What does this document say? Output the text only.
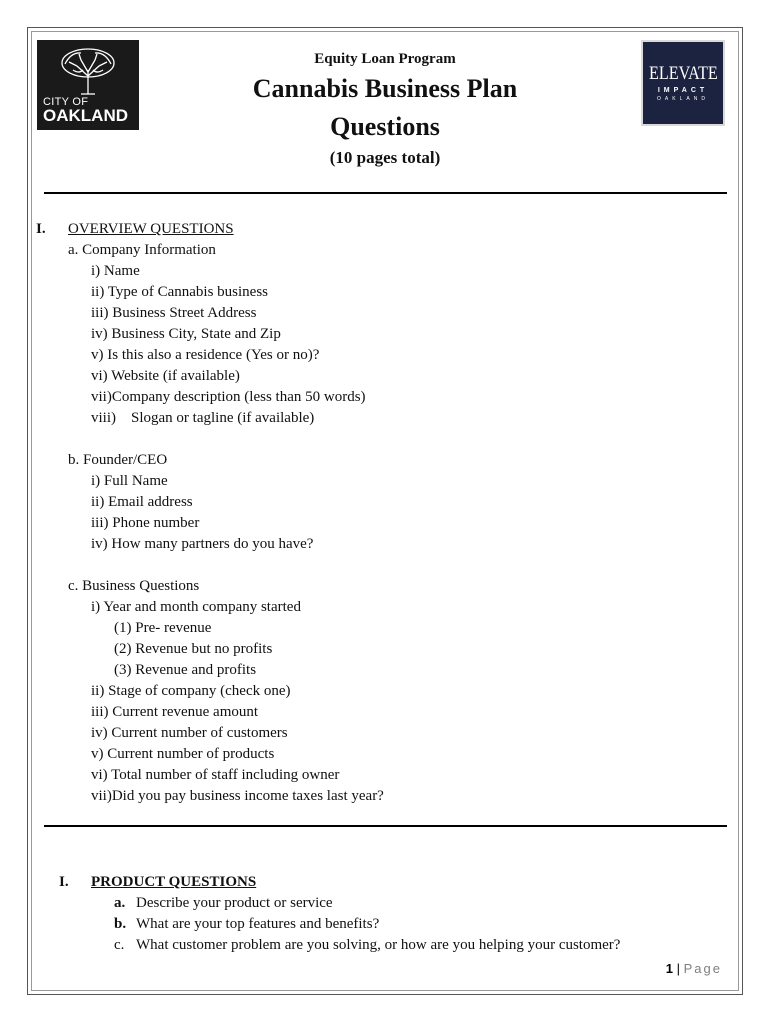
CITY OF
OAKLAND
ELEVATE
IMPACT
OAKLAND
Equity Loan Program
Cannabis Business Plan
Questions
(10 pages total)
I. OVERVIEW QUESTIONS
a. Company Information
i) Name
ii) Type of Cannabis business
iii) Business Street Address
iv) Business City, State and Zip
v) Is this also a residence (Yes or no)?
vi) Website (if available)
vii)Company description (less than 50 words)
viii)    Slogan or tagline (if available)
b. Founder/CEO
i) Full Name
ii) Email address
iii) Phone number
iv) How many partners do you have?
c. Business Questions
i) Year and month company started
(1) Pre- revenue
(2) Revenue but no profits
(3) Revenue and profits
ii) Stage of company (check one)
iii) Current revenue amount
iv) Current number of customers
v) Current number of products
vi) Total number of staff including owner
vii)Did you pay business income taxes last year?
I. PRODUCT QUESTIONS
a. Describe your product or service
b. What are your top features and benefits?
c. What customer problem are you solving, or how are you helping your customer?
1 | Page
